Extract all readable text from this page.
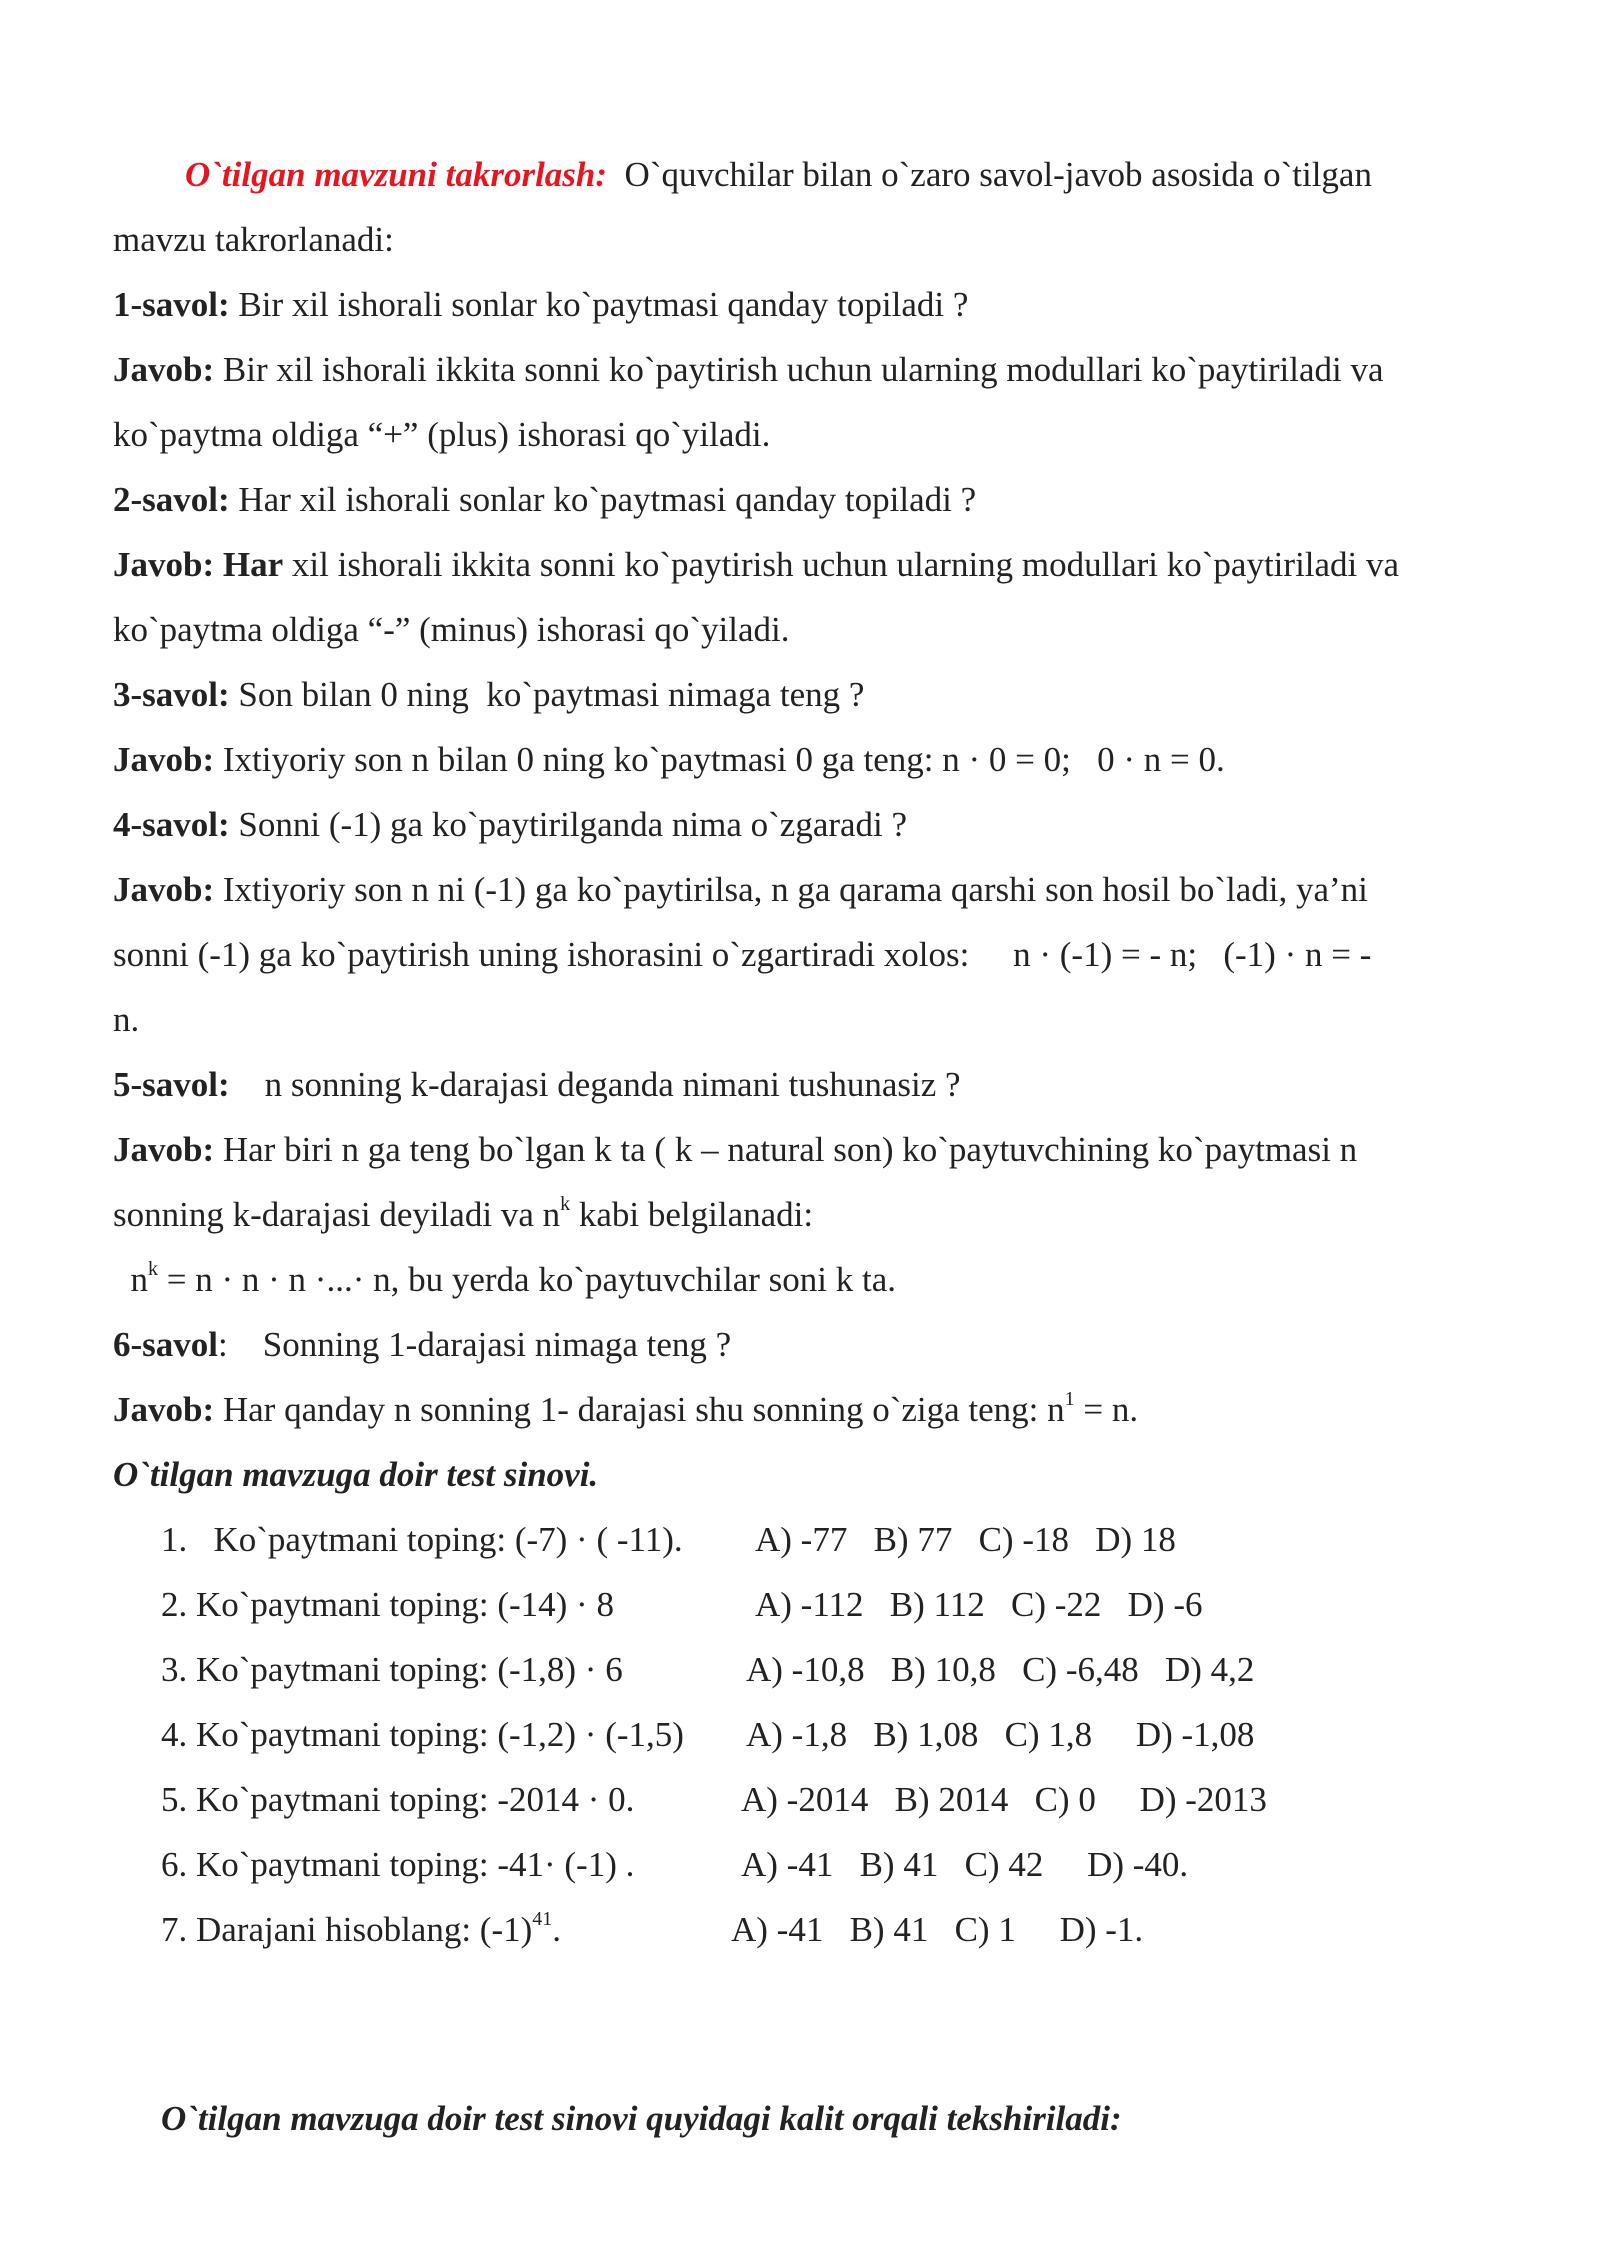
O`tilgan mavzuni takrorlash: O`quvchilar bilan o`zaro savol-javob asosida o`tilgan
mavzu takrorlanadi:
1-savol: Bir xil ishorali sonlar ko`paytmasi qanday topiladi ?
Javob: Bir xil ishorali ikkita sonni ko`paytirish uchun ularning modullari ko`paytiriladi va
ko`paytma oldiga “+” (plus) ishorasi qo`yiladi.
2-savol: Har xil ishorali sonlar ko`paytmasi qanday topiladi ?
Javob: Har xil ishorali ikkita sonni ko`paytirish uchun ularning modullari ko`paytiriladi va
ko`paytma oldiga “-” (minus) ishorasi qo`yiladi.
3-savol: Son bilan 0 ning  ko`paytmasi nimaga teng ?
Javob: Ixtiyoriy son n bilan 0 ning ko`paytmasi 0 ga teng: n · 0 = 0;   0 · n = 0.
4-savol: Sonni (-1) ga ko`paytirilganda nima o`zgaradi ?
Javob: Ixtiyoriy son n ni (-1) ga ko`paytirilsa, n ga qarama qarshi son hosil bo`ladi, ya’ni
sonni (-1) ga ko`paytirish uning ishorasini o`zgartiradi xolos:     n · (-1) = - n;   (-1) · n = -
n.
5-savol:    n sonning k-darajasi deganda nimani tushunasiz ?
Javob: Har biri n ga teng bo`lgan k ta ( k – natural son) ko`paytuvchining ko`paytmasi n
sonning k-darajasi deyiladi va $n^k$ kabi belgilanadi:
$n^k = n \cdot n \cdot n$ ·...· n, bu yerda ko`paytuvchilar soni k ta.
6-savol:    Sonning 1-darajasi nimaga teng ?
Javob: Har qanday n sonning 1- darajasi shu sonning o`ziga teng: $n^1 = n$.
O`tilgan mavzuga doir test sinovi.
1.   Ko`paytmani toping: (-7) · ( -11). A) -77   B) 77   C) -18   D) 18
2. Ko`paytmani toping: (-14) · 8	A) -112   B) 112   C) -22   D) -6
3. Ko`paytmani toping: (-1,8) · 6	A) -10,8   B) 10,8   C) -6,48   D) 4,2
4. Ko`paytmani toping: (-1,2) · (-1,5) A) -1,8   B) 1,08   C) 1,8     D) -1,08
5. Ko`paytmani toping: -2014 · 0.	A) -2014   B) 2014   C) 0     D) -2013
6. Ko`paytmani toping: -41· (-1) .	A) -41   B) 41   C) 42     D) -40.
7. Darajani hisoblang: $(-1)^{41}$.	A) -41   B) 41   C) 1     D) -1.
O`tilgan mavzuga doir test sinovi quyidagi kalit orqali tekshiriladi:
